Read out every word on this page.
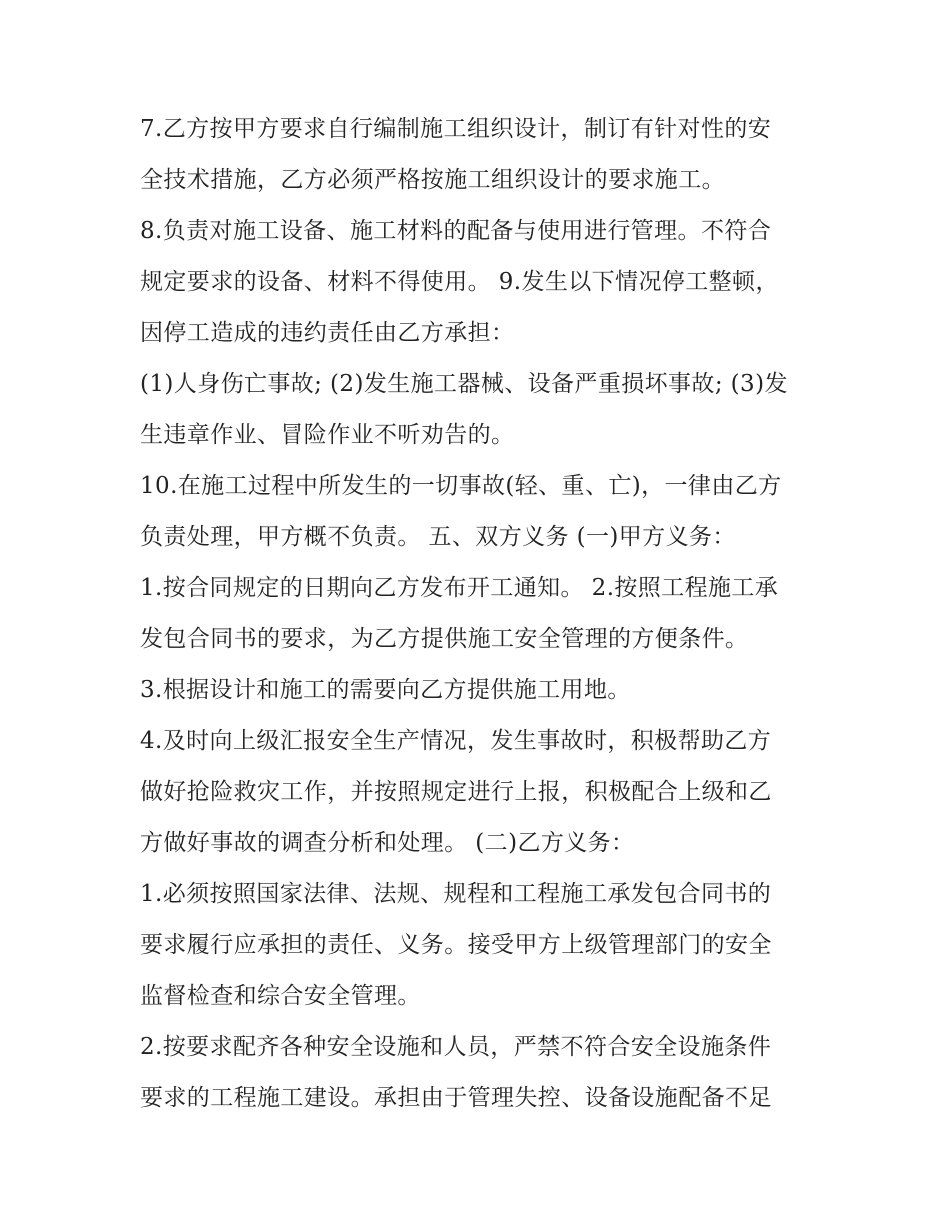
7.乙方按甲方要求自行编制施工组织设计，制订有针对性的安
全技术措施，乙方必须严格按施工组织设计的要求施工。
8.负责对施工设备、施工材料的配备与使用进行管理。不符合
规定要求的设备、材料不得使用。 9.发生以下情况停工整顿，
因停工造成的违约责任由乙方承担：
(1)人身伤亡事故; (2)发生施工器械、设备严重损坏事故; (3)发
生违章作业、冒险作业不听劝告的。
10.在施工过程中所发生的一切事故(轻、重、亡)，一律由乙方
负责处理，甲方概不负责。 五、双方义务 (一)甲方义务：
1.按合同规定的日期向乙方发布开工通知。 2.按照工程施工承
发包合同书的要求，为乙方提供施工安全管理的方便条件。
3.根据设计和施工的需要向乙方提供施工用地。
4.及时向上级汇报安全生产情况，发生事故时，积极帮助乙方
做好抢险救灾工作，并按照规定进行上报，积极配合上级和乙
方做好事故的调查分析和处理。 (二)乙方义务：
1.必须按照国家法律、法规、规程和工程施工承发包合同书的
要求履行应承担的责任、义务。接受甲方上级管理部门的安全
监督检查和综合安全管理。
2.按要求配齐各种安全设施和人员，严禁不符合安全设施条件
要求的工程施工建设。承担由于管理失控、设备设施配备不足
